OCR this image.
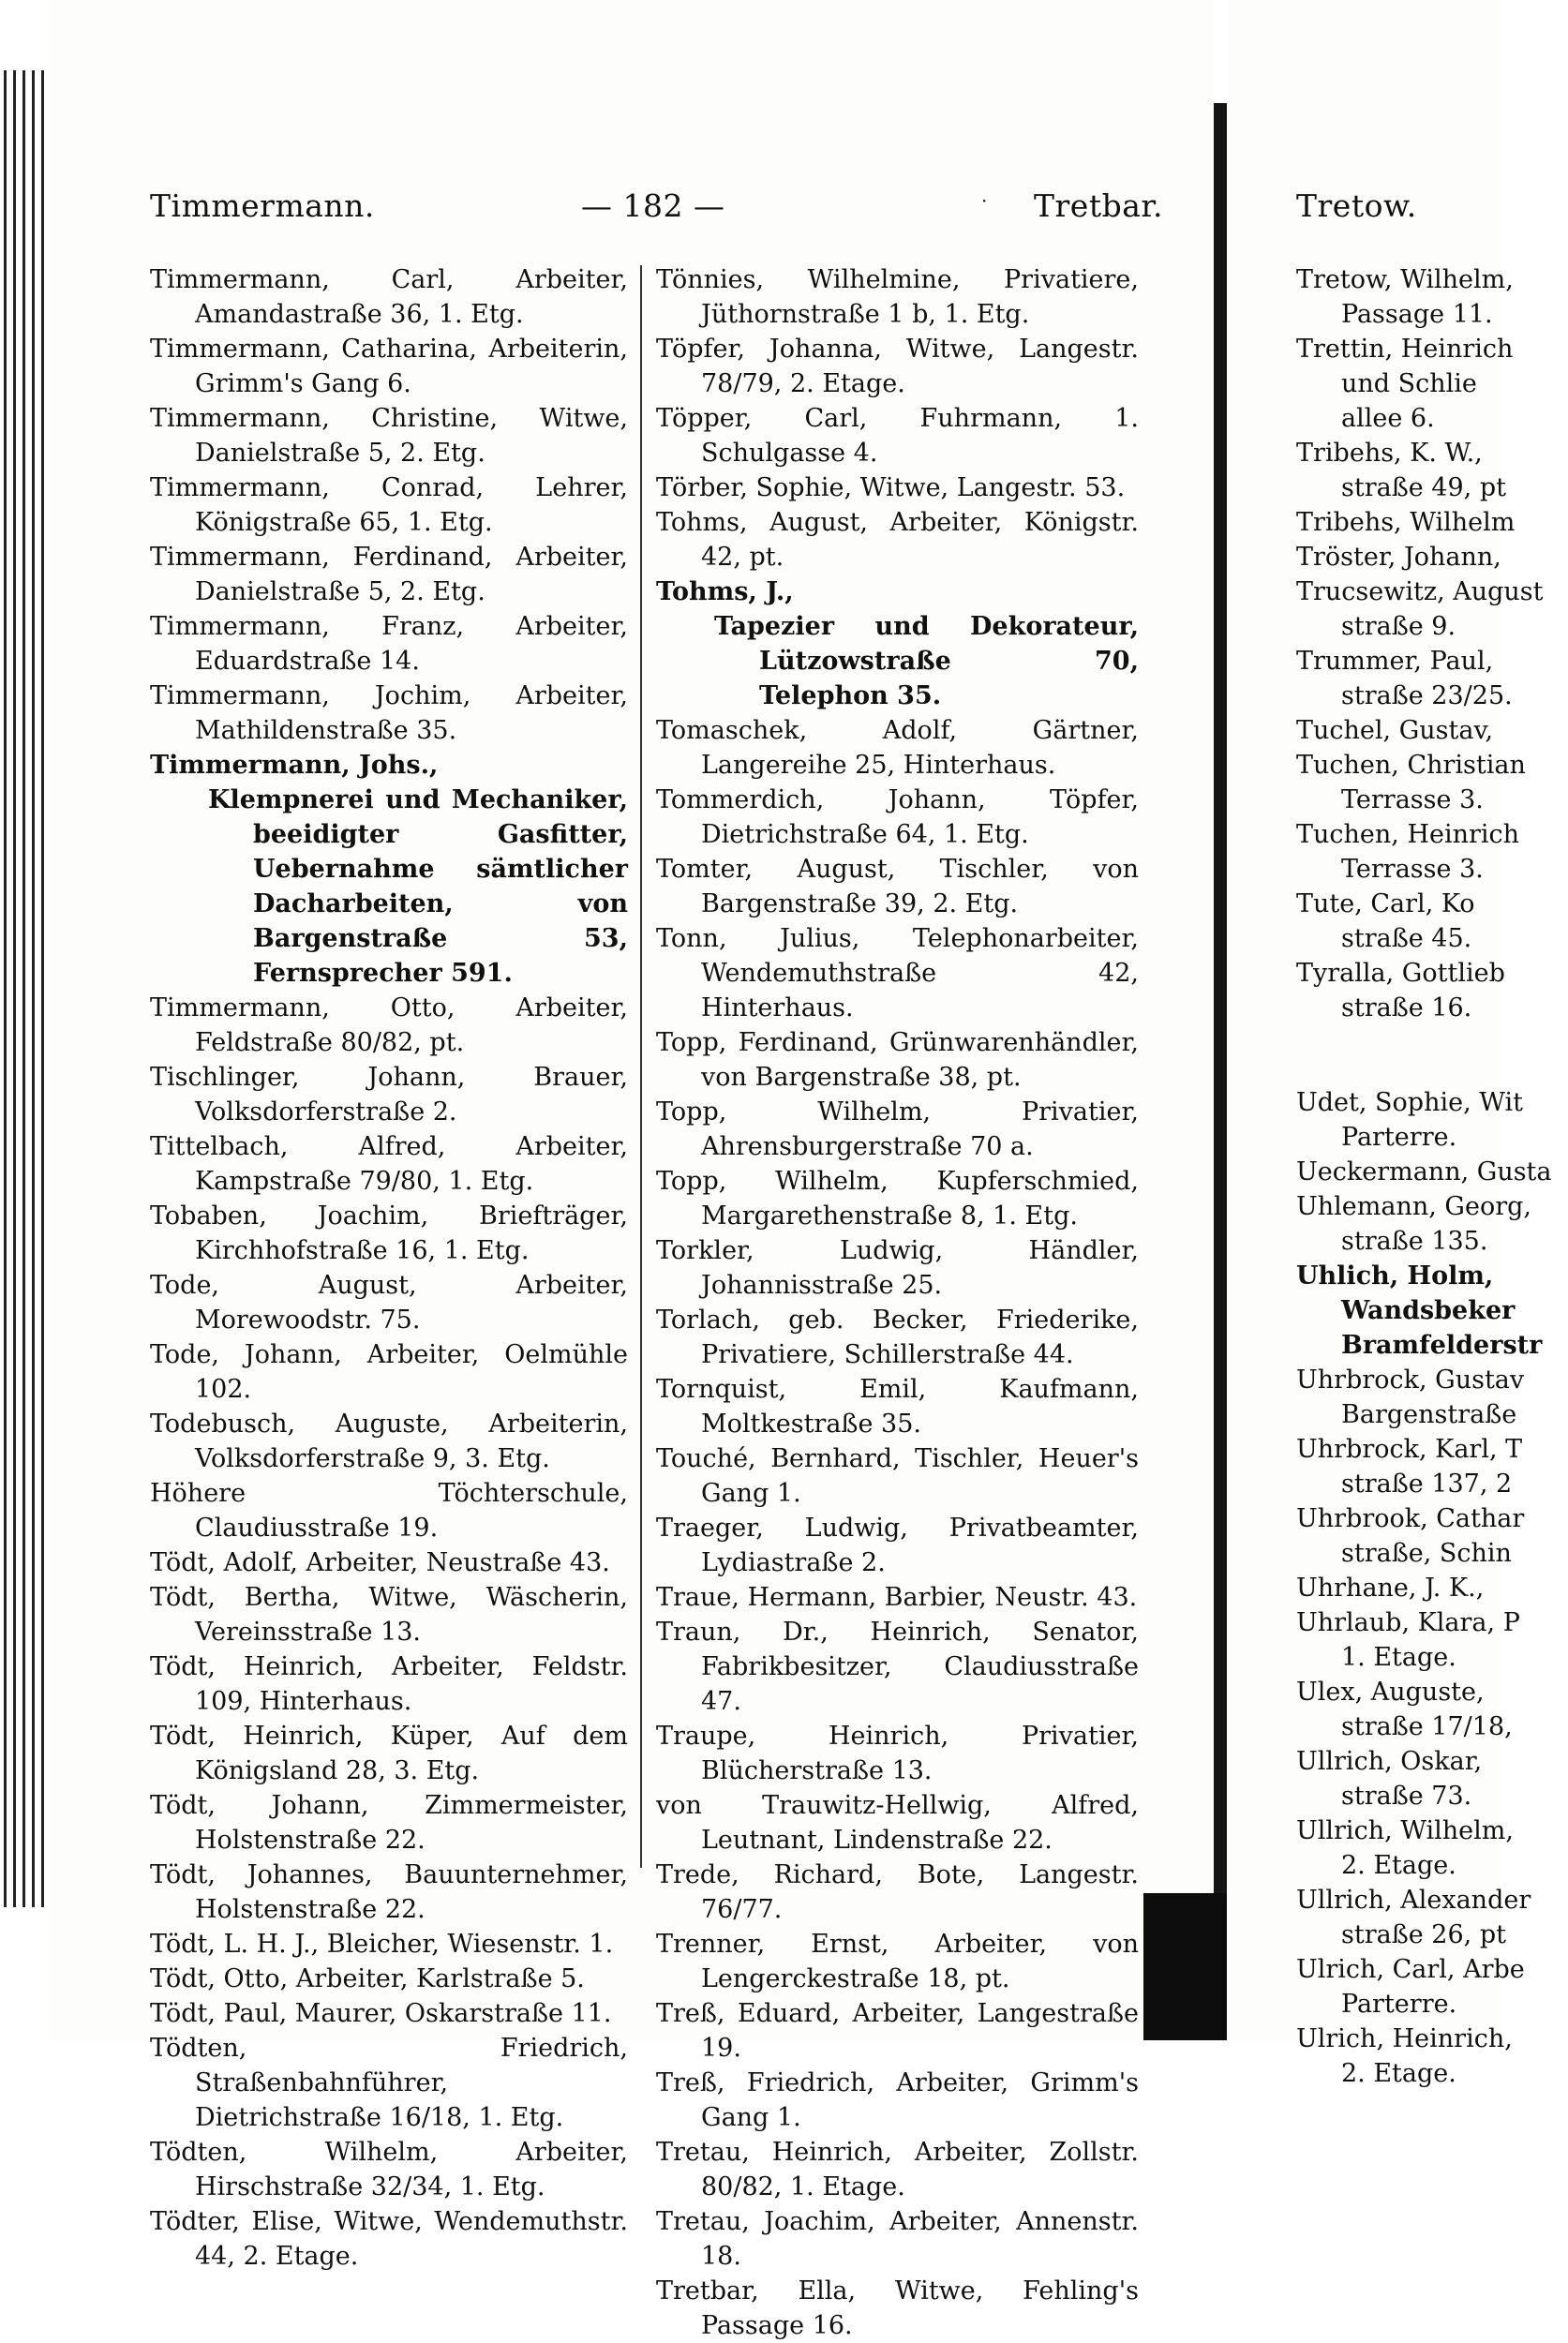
Timmermann.	— 182 —	· Tretbar.
Timmermann, Carl, Arbeiter, Amandastraße 36, 1. Etg.
Timmermann, Catharina, Arbeiterin, Grimm's Gang 6.
Timmermann, Christine, Witwe, Danielstraße 5, 2. Etg.
Timmermann, Conrad, Lehrer, Königstraße 65, 1. Etg.
Timmermann, Ferdinand, Arbeiter, Danielstraße 5, 2. Etg.
Timmermann, Franz, Arbeiter, Eduardstraße 14.
Timmermann, Jochim, Arbeiter, Mathildenstraße 35.
Timmermann, Johs.,
Klempnerei und Mechaniker, beeidigter Gasfitter, Uebernahme sämtlicher Dacharbeiten, von Bargenstraße 53, Fernsprecher 591.
Timmermann, Otto, Arbeiter, Feldstraße 80/82, pt.
Tischlinger, Johann, Brauer, Volksdorferstraße 2.
Tittelbach, Alfred, Arbeiter, Kampstraße 79/80, 1. Etg.
Tobaben, Joachim, Briefträger, Kirchhofstraße 16, 1. Etg.
Tode, August, Arbeiter, Morewoodstr. 75.
Tode, Johann, Arbeiter, Oelmühle 102.
Todebusch, Auguste, Arbeiterin, Volksdorferstraße 9, 3. Etg.
Höhere Töchterschule, Claudiusstraße 19.
Tödt, Adolf, Arbeiter, Neustraße 43.
Tödt, Bertha, Witwe, Wäscherin, Vereinsstraße 13.
Tödt, Heinrich, Arbeiter, Feldstr. 109, Hinterhaus.
Tödt, Heinrich, Küper, Auf dem Königsland 28, 3. Etg.
Tödt, Johann, Zimmermeister, Holstenstraße 22.
Tödt, Johannes, Bauunternehmer, Holstenstraße 22.
Tödt, L. H. J., Bleicher, Wiesenstr. 1.
Tödt, Otto, Arbeiter, Karlstraße 5.
Tödt, Paul, Maurer, Oskarstraße 11.
Tödten, Friedrich, Straßenbahnführer, Dietrichstraße 16/18, 1. Etg.
Tödten, Wilhelm, Arbeiter, Hirschstraße 32/34, 1. Etg.
Tödter, Elise, Witwe, Wendemuthstr. 44, 2. Etage.
Tönnies, Wilhelmine, Privatiere, Jüthornstraße 1 b, 1. Etg.
Töpfer, Johanna, Witwe, Langestr. 78/79, 2. Etage.
Töpper, Carl, Fuhrmann, 1. Schulgasse 4.
Törber, Sophie, Witwe, Langestr. 53.
Tohms, August, Arbeiter, Königstr. 42, pt.
Tohms, J.,
Tapezier und Dekorateur, Lützowstraße 70, Telephon 35.
Tomaschek, Adolf, Gärtner, Langereihe 25, Hinterhaus.
Tommerdich, Johann, Töpfer, Dietrichstraße 64, 1. Etg.
Tomter, August, Tischler, von Bargenstraße 39, 2. Etg.
Tonn, Julius, Telephonarbeiter, Wendemuthstraße 42, Hinterhaus.
Topp, Ferdinand, Grünwarenhändler, von Bargenstraße 38, pt.
Topp, Wilhelm, Privatier, Ahrensburgerstraße 70 a.
Topp, Wilhelm, Kupferschmied, Margarethenstraße 8, 1. Etg.
Torkler, Ludwig, Händler, Johannisstraße 25.
Torlach, geb. Becker, Friederike, Privatiere, Schillerstraße 44.
Tornquist, Emil, Kaufmann, Moltkestraße 35.
Touché, Bernhard, Tischler, Heuer's Gang 1.
Traeger, Ludwig, Privatbeamter, Lydiastraße 2.
Traue, Hermann, Barbier, Neustr. 43.
Traun, Dr., Heinrich, Senator, Fabrikbesitzer, Claudiusstraße 47.
Traupe, Heinrich, Privatier, Blücherstraße 13.
von Trauwitz-Hellwig, Alfred, Leutnant, Lindenstraße 22.
Trede, Richard, Bote, Langestr. 76/77.
Trenner, Ernst, Arbeiter, von Lengerckestraße 18, pt.
Treß, Eduard, Arbeiter, Langestraße 19.
Treß, Friedrich, Arbeiter, Grimm's Gang 1.
Tretau, Heinrich, Arbeiter, Zollstr. 80/82, 1. Etage.
Tretau, Joachim, Arbeiter, Annenstr. 18.
Tretbar, Ella, Witwe, Fehling's Passage 16.
Tretow.
Tretow, Wilhelm,
Passage 11.
Trettin, Heinrich
und Schlie
allee 6.
Tribehs, K. W.,
straße 49, pt
Tribehs, Wilhelm
Tröster, Johann,
Trucsewitz, August
straße 9.
Trummer, Paul,
straße 23/25.
Tuchel, Gustav,
Tuchen, Christian
Terrasse 3.
Tuchen, Heinrich
Terrasse 3.
Tute, Carl, Ko
straße 45.
Tyralla, Gottlieb
straße 16.
Udet, Sophie, Wit
Parterre.
Ueckermann, Gusta
Uhlemann, Georg,
straße 135.
Uhlich, Holm,
Wandsbeker
Bramfelderstr
Uhrbrock, Gustav
Bargenstraße
Uhrbrock, Karl, T
straße 137, 2
Uhrbrook, Cathar
straße, Schin
Uhrhane, J. K.,
Uhrlaub, Klara, P
1. Etage.
Ulex, Auguste,
straße 17/18,
Ullrich, Oskar,
straße 73.
Ullrich, Wilhelm,
2. Etage.
Ullrich, Alexander
straße 26, pt
Ulrich, Carl, Arbe
Parterre.
Ulrich, Heinrich,
2. Etage.
